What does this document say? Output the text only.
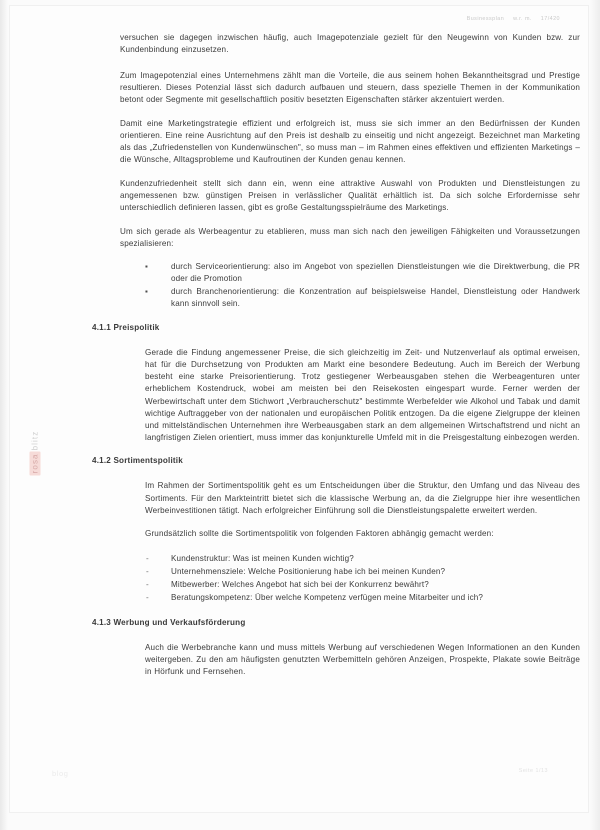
Businessplan w.r. m. 17/420

versuchen sie dagegen inzwischen häufig, auch Imagepotenziale gezielt für den Neugewinn von Kunden bzw. zur Kundenbindung einzusetzen.

Zum Imagepotenzial eines Unternehmens zählt man die Vorteile, die aus seinem hohen Bekanntheitsgrad und Prestige resultieren. Dieses Potenzial lässt sich dadurch aufbauen und steuern, dass spezielle Themen in der Kommunikation betont oder Segmente mit gesellschaftlich positiv besetzten Eigenschaften stärker akzentuiert werden.

Damit eine Marketingstrategie effizient und erfolgreich ist, muss sie sich immer an den Bedürfnissen der Kunden orientieren. Eine reine Ausrichtung auf den Preis ist deshalb zu einseitig und nicht angezeigt. Bezeichnet man Marketing als das „Zufriedenstellen von Kundenwünschen", so muss man – im Rahmen eines effektiven und effizienten Marketings – die Wünsche, Alltagsprobleme und Kaufroutinen der Kunden genau kennen.

Kundenzufriedenheit stellt sich dann ein, wenn eine attraktive Auswahl von Produkten und Dienstleistungen zu angemessenen bzw. günstigen Preisen in verlässlicher Qualität erhältlich ist. Da sich solche Erfordernisse sehr unterschiedlich definieren lassen, gibt es große Gestaltungsspielräume des Marketings.

Um sich gerade als Werbeagentur zu etablieren, muss man sich nach den jeweiligen Fähigkeiten und Voraussetzungen spezialisieren:

▪	durch Serviceorientierung: also im Angebot von speziellen Dienstleistungen wie die Direktwerbung, die PR oder die Promotion
▪	durch Branchenorientierung: die Konzentration auf beispielsweise Handel, Dienstleistung oder Handwerk kann sinnvoll sein.
4.1.1 Preispolitik

Gerade die Findung angemessener Preise, die sich gleichzeitig im Zeit- und Nutzenverlauf als optimal erweisen, hat für die Durchsetzung von Produkten am Markt eine besondere Bedeutung. Auch im Bereich der Werbung besteht eine starke Preisorientierung. Trotz gestiegener Werbeausgaben stehen die Werbeagenturen unter erheblichem Kostendruck, wobei am meisten bei den Reisekosten eingespart wurde. Ferner werden der Werbewirtschaft unter dem Stichwort „Verbraucherschutz" bestimmte Werbefelder wie Alkohol und Tabak und damit wichtige Auftraggeber von der nationalen und europäischen Politik entzogen. Da die eigene Zielgruppe der kleinen und mittelständischen Unternehmen ihre Werbeausgaben stark an dem allgemeinen Wirtschaftstrend und nicht an langfristigen Zielen orientiert, muss immer das konjunkturelle Umfeld mit in die Preisgestaltung einbezogen werden.

4.1.2 Sortimentspolitik

Im Rahmen der Sortimentspolitik geht es um Entscheidungen über die Struktur, den Umfang und das Niveau des Sortiments. Für den Markteintritt bietet sich die klassische Werbung an, da die Zielgruppe hier ihre wesentlichen Werbeinvestitionen tätigt. Nach erfolgreicher Einführung soll die Dienstleistungspalette erweitert werden.

Grundsätzlich sollte die Sortimentspolitik von folgenden Faktoren abhängig gemacht werden:

-	Kundenstruktur: Was ist meinen Kunden wichtig?
-	Unternehmensziele: Welche Positionierung habe ich bei meinen Kunden?
-	Mitbewerber: Welches Angebot hat sich bei der Konkurrenz bewährt?
-	Beratungskompetenz: Über welche Kompetenz verfügen meine Mitarbeiter und ich?
4.1.3 Werbung und Verkaufsförderung

Auch die Werbebranche kann und muss mittels Werbung auf verschiedenen Wegen Informationen an den Kunden weitergeben. Zu den am häufigsten genutzten Werbemitteln gehören Anzeigen, Prospekte, Plakate sowie Beiträge in Hörfunk und Fernsehen.

rosablitz
blog	Seite 1/13
